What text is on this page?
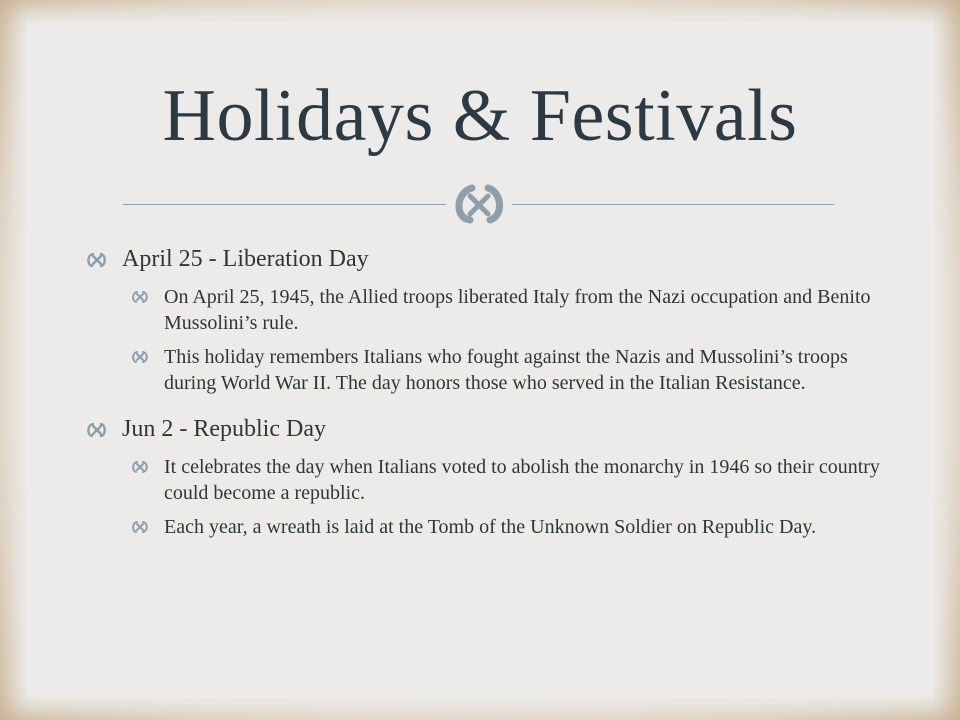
Holidays & Festivals
April 25 - Liberation Day
On April 25, 1945, the Allied troops liberated Italy from the Nazi occupation and Benito Mussolini’s rule.
This holiday remembers Italians who fought against the Nazis and Mussolini’s troops during World War II. The day honors those who served in the Italian Resistance.
Jun 2 - Republic Day
It celebrates the day when Italians voted to abolish the monarchy in 1946 so their country could become a republic.
Each year, a wreath is laid at the Tomb of the Unknown Soldier on Republic Day.
